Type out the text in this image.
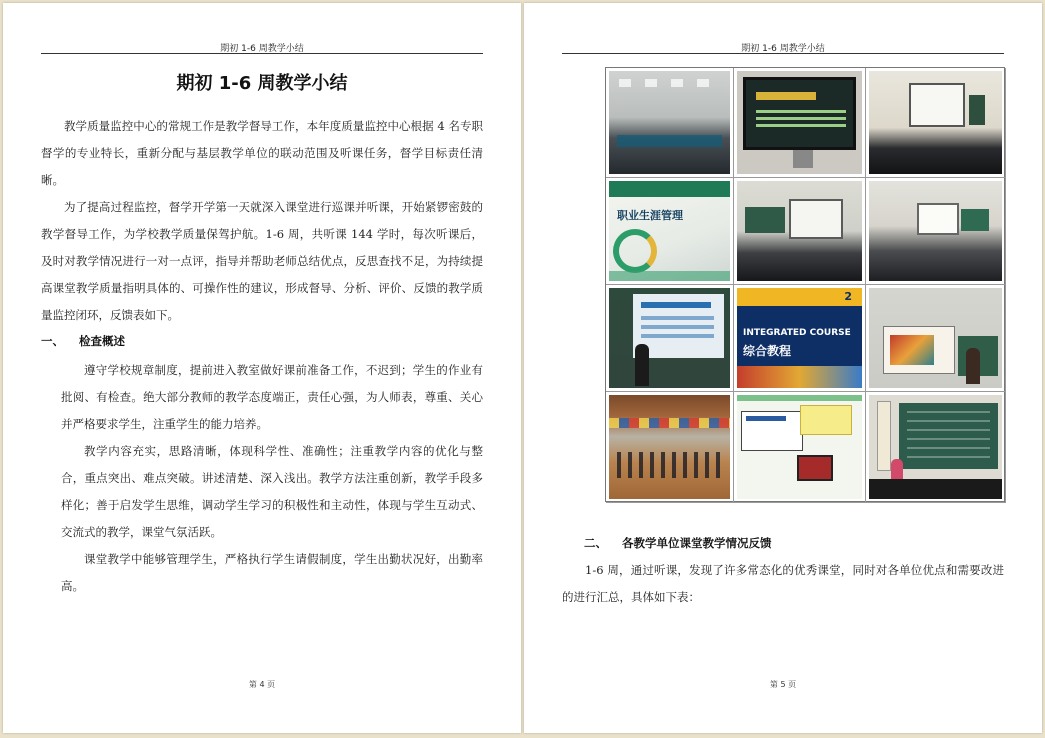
期初 1-6 周教学小结
期初 1-6 周教学小结

教学质量监控中心的常规工作是教学督导工作，本年度质量监控中心根据 4 名专职督学的专业特长，重新分配与基层教学单位的联动范围及听课任务，督学目标责任清晰。

为了提高过程监控，督学开学第一天就深入课堂进行巡课并听课，开始紧锣密鼓的教学督导工作，为学校教学质量保驾护航。1-6 周，共听课 144 学时，每次听课后，及时对教学情况进行一对一点评，指导并帮助老师总结优点，反思查找不足，为持续提高课堂教学质量指明具体的、可操作性的建议，形成督导、分析、评价、反馈的教学质量监控闭环，反馈表如下。

一、 检查概述

遵守学校规章制度，提前进入教室做好课前准备工作，不迟到；学生的作业有批阅、有检查。绝大部分教师的教学态度端正，责任心强，为人师表，尊重、关心并严格要求学生，注重学生的能力培养。

教学内容充实，思路清晰，体现科学性、准确性；注重教学内容的优化与整合，重点突出、难点突破。讲述清楚、深入浅出。教学方法注重创新，教学手段多样化；善于启发学生思维，调动学生学习的积极性和主动性，体现与学生互动式、交流式的教学，课堂气氛活跃。

课堂教学中能够管理学生，严格执行学生请假制度，学生出勤状况好，出勤率高。

第 4 页
期初 1-6 周教学小结
职业生涯管理
2
INTEGRATED COURSE
综合教程
二、 各教学单位课堂教学情况反馈

1-6 周，通过听课，发现了许多常态化的优秀课堂，同时对各单位优点和需要改进的进行汇总，具体如下表：

第 5 页
